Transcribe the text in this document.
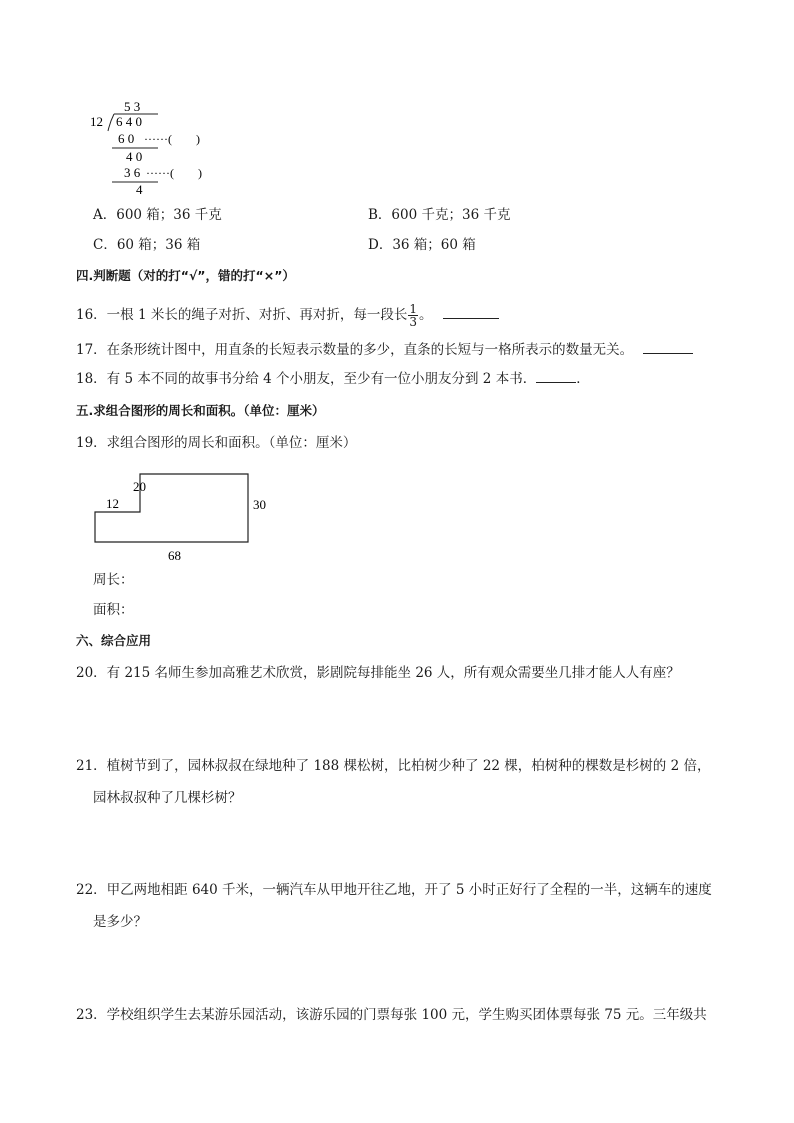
5 3
12 6 4 0
6 0 ······(　　)
4 0
3 6 ······(　　)
4
A．600 箱；36 千克	B．600 千克；36 千克
C．60 箱；36 箱	D．36 箱；60 箱
四.判断题（对的打“√”，错的打“×”）
16．一根 1 米长的绳子对折、对折、再对折，每一段长 $\frac{1}{3}$ 。
17．在条形统计图中，用直条的长短表示数量的多少，直条的长短与一格所表示的数量无关。
18．有 5 本不同的故事书分给 4 个小朋友，至少有一位小朋友分到 2 本书．	．
五.求组合图形的周长和面积。（单位：厘米）
19．求组合图形的周长和面积。（单位：厘米）
12
20
30
68
周长：
面积：
六、综合应用
20．有 215 名师生参加高雅艺术欣赏，影剧院每排能坐 26 人，所有观众需要坐几排才能人人有座？
21．植树节到了，园林叔叔在绿地种了 188 棵松树，比柏树少种了 22 棵，柏树种的棵数是杉树的 2 倍，
园林叔叔种了几棵杉树？
22．甲乙两地相距 640 千米，一辆汽车从甲地开往乙地，开了 5 小时正好行了全程的一半，这辆车的速度
是多少？
23．学校组织学生去某游乐园活动，该游乐园的门票每张 100 元，学生购买团体票每张 75 元。三年级共
